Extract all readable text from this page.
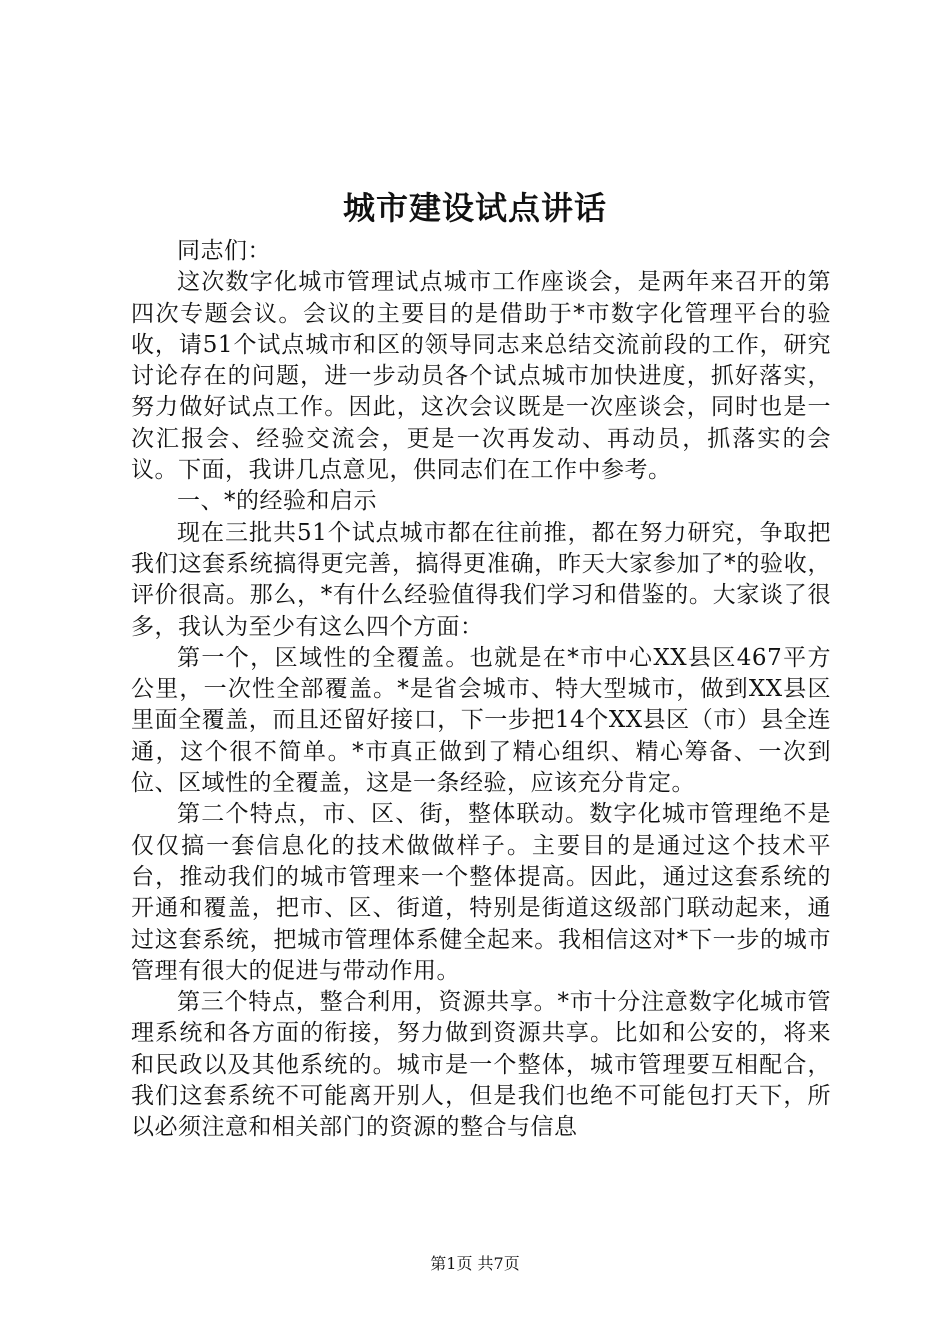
城市建设试点讲话

同志们：

这次数字化城市管理试点城市工作座谈会，是两年来召开的第四次专题会议。会议的主要目的是借助于*市数字化管理平台的验收，请51个试点城市和区的领导同志来总结交流前段的工作，研究讨论存在的问题，进一步动员各个试点城市加快进度，抓好落实，努力做好试点工作。因此，这次会议既是一次座谈会，同时也是一次汇报会、经验交流会，更是一次再发动、再动员，抓落实的会议。下面，我讲几点意见，供同志们在工作中参考。

一、*的经验和启示

现在三批共51个试点城市都在往前推，都在努力研究，争取把我们这套系统搞得更完善，搞得更准确，昨天大家参加了*的验收，评价很高。那么，*有什么经验值得我们学习和借鉴的。大家谈了很多，我认为至少有这么四个方面：

第一个，区域性的全覆盖。也就是在*市中心XX县区467平方公里，一次性全部覆盖。*是省会城市、特大型城市，做到XX县区里面全覆盖，而且还留好接口，下一步把14个XX县区（市）县全连通，这个很不简单。*市真正做到了精心组织、精心筹备、一次到位、区域性的全覆盖，这是一条经验，应该充分肯定。

第二个特点，市、区、街，整体联动。数字化城市管理绝不是仅仅搞一套信息化的技术做做样子。主要目的是通过这个技术平台，推动我们的城市管理来一个整体提高。因此，通过这套系统的开通和覆盖，把市、区、街道，特别是街道这级部门联动起来，通过这套系统，把城市管理体系健全起来。我相信这对*下一步的城市管理有很大的促进与带动作用。

第三个特点，整合利用，资源共享。*市十分注意数字化城市管理系统和各方面的衔接，努力做到资源共享。比如和公安的，将来和民政以及其他系统的。城市是一个整体，城市管理要互相配合，我们这套系统不可能离开别人，但是我们也绝不可能包打天下，所以必须注意和相关部门的资源的整合与信息

第1页 共7页
